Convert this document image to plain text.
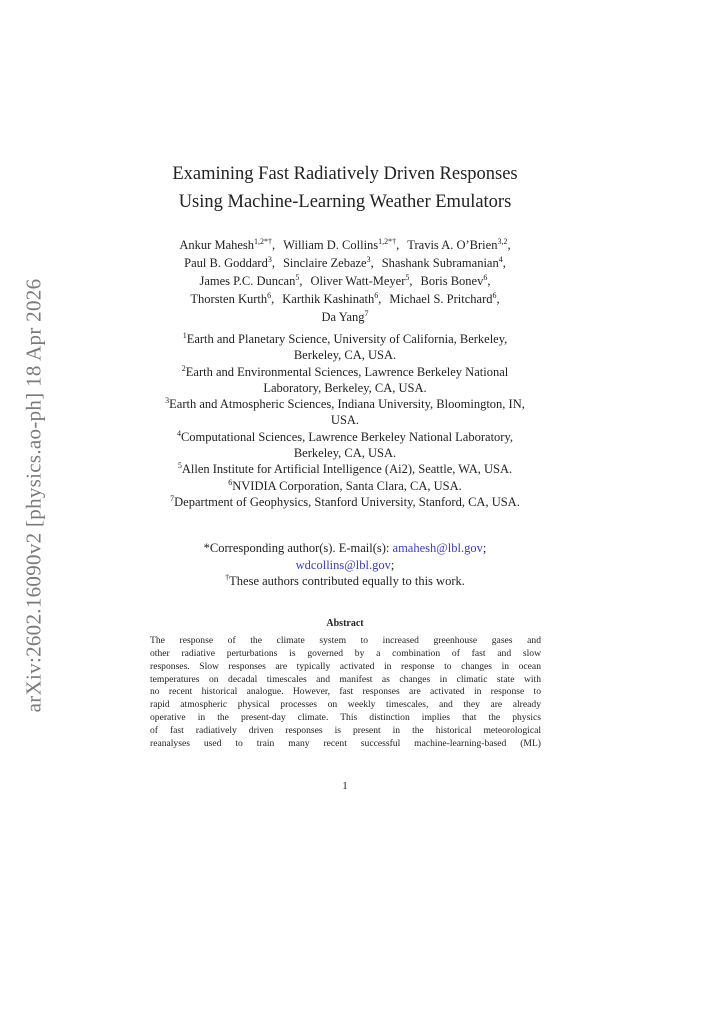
arXiv:2602.16090v2 [physics.ao-ph] 18 Apr 2026
Examining Fast Radiatively Driven Responses
Using Machine-Learning Weather Emulators
Ankur Mahesh$^{1,2*\dagger}$, William D. Collins$^{1,2*\dagger}$, Travis A. O’Brien$^{3,2}$,
Paul B. Goddard$^3$, Sinclaire Zebaze$^3$, Shashank Subramanian$^4$,
James P.C. Duncan$^5$, Oliver Watt-Meyer$^5$, Boris Bonev$^6$,
Thorsten Kurth$^6$, Karthik Kashinath$^6$, Michael S. Pritchard$^6$,
Da Yang$^7$
$^1$Earth and Planetary Science, University of California, Berkeley,
Berkeley, CA, USA.
$^2$Earth and Environmental Sciences, Lawrence Berkeley National
Laboratory, Berkeley, CA, USA.
$^3$Earth and Atmospheric Sciences, Indiana University, Bloomington, IN,
USA.
$^4$Computational Sciences, Lawrence Berkeley National Laboratory,
Berkeley, CA, USA.
$^5$Allen Institute for Artificial Intelligence (Ai2), Seattle, WA, USA.
$^6$NVIDIA Corporation, Santa Clara, CA, USA.
$^7$Department of Geophysics, Stanford University, Stanford, CA, USA.
*Corresponding author(s). E-mail(s): amahesh@lbl.gov;
wdcollins@lbl.gov;
†These authors contributed equally to this work.
Abstract
The response of the climate system to increased greenhouse gases and
other radiative perturbations is governed by a combination of fast and slow
responses. Slow responses are typically activated in response to changes in ocean
temperatures on decadal timescales and manifest as changes in climatic state with
no recent historical analogue. However, fast responses are activated in response to
rapid atmospheric physical processes on weekly timescales, and they are already
operative in the present-day climate. This distinction implies that the physics
of fast radiatively driven responses is present in the historical meteorological
reanalyses used to train many recent successful machine-learning-based (ML)
1
